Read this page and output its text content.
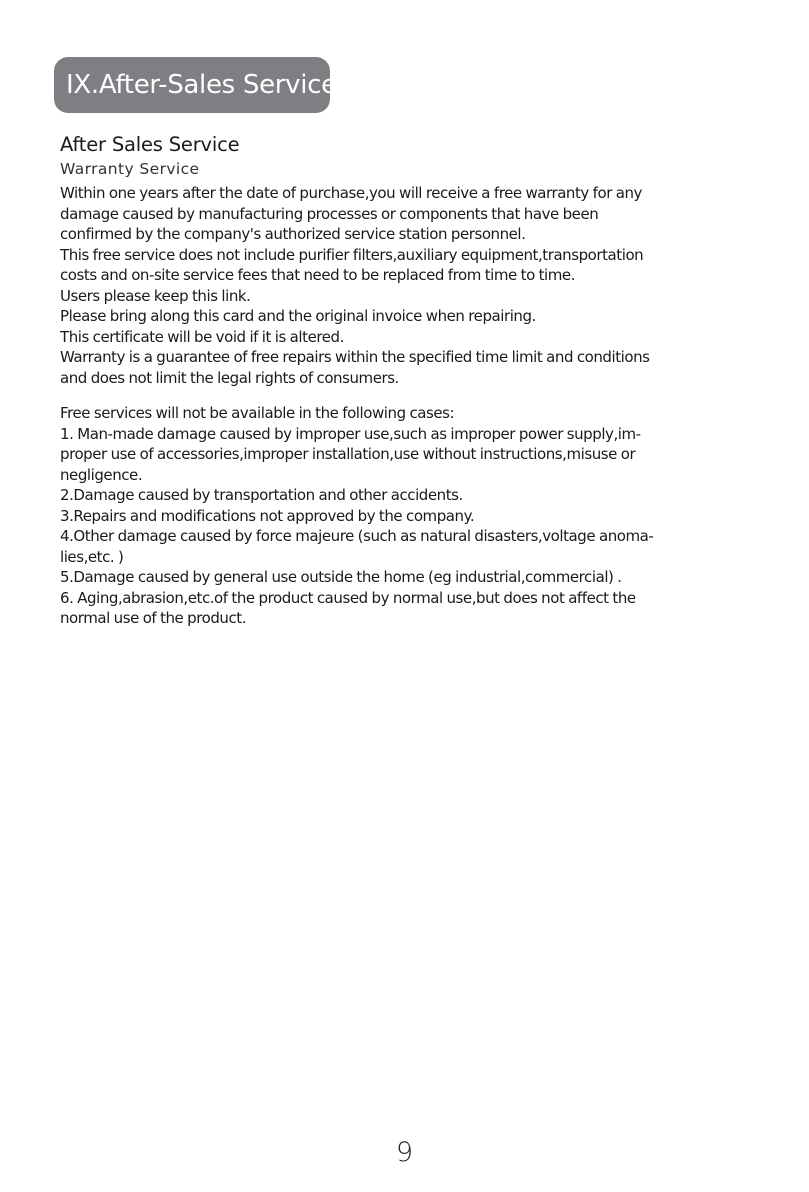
IX.After-Sales Service

After Sales Service

Warranty Service

Within one years after the date of purchase,you will receive a free warranty for any

damage caused by manufacturing processes or components that have been

confirmed by the company's authorized service station personnel.

This free service does not include purifier filters,auxiliary equipment,transportation

costs and on-site service fees that need to be replaced from time to time.

Users please keep this link.

Please bring along this card and the original invoice when repairing.

This certificate will be void if it is altered.

Warranty is a guarantee of free repairs within the specified time limit and conditions

and does not limit the legal rights of consumers.

Free services will not be available in the following cases:

1. Man-made damage caused by improper use,such as improper power supply,im-

proper use of accessories,improper installation,use without instructions,misuse or

negligence.

2.Damage caused by transportation and other accidents.

3.Repairs and modifications not approved by the company.

4.Other damage caused by force majeure (such as natural disasters,voltage anoma-

lies,etc. )

5.Damage caused by general use outside the home (eg industrial,commercial) .

6. Aging,abrasion,etc.of the product caused by normal use,but does not affect the

normal use of the product.

9
